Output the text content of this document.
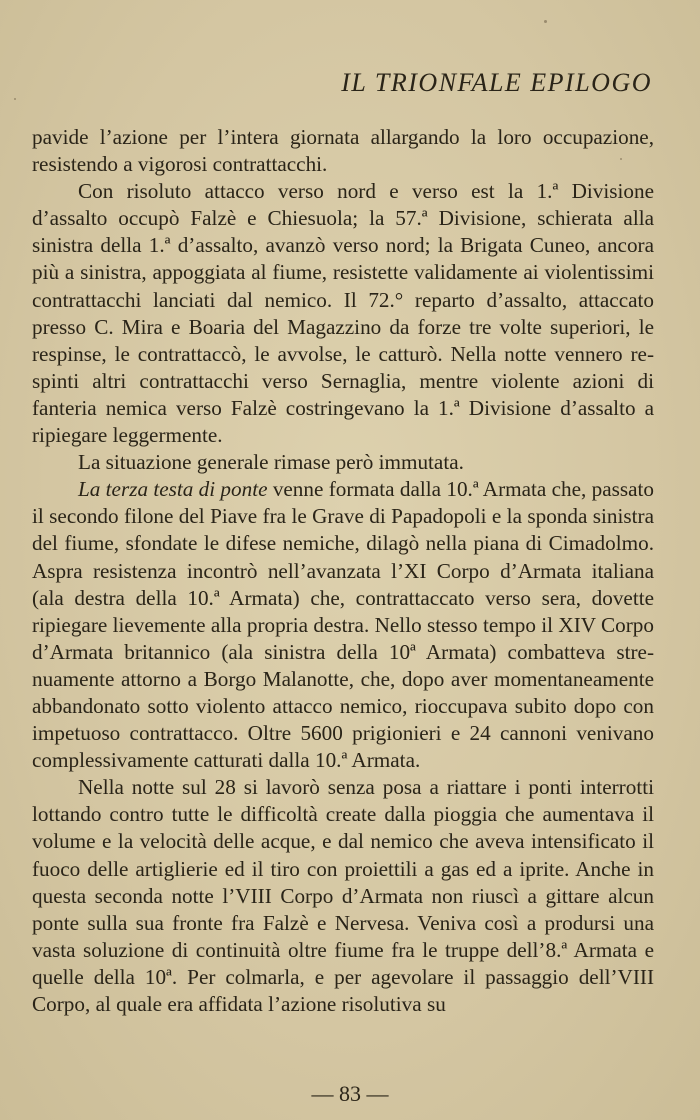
IL TRIONFALE EPILOGO

pavide l’azione per l’intera giornata allargando la loro occupazione, resistendo a vigorosi contrattacchi.

Con risoluto attacco verso nord e verso est la 1.ª Divisione d’assalto occupò Falzè e Chiesuola; la 57.ª Divisione, schierata alla sinistra della 1.ª d’assalto, avanzò verso nord; la Brigata Cuneo, ancora più a sinistra, appoggiata al fiume, resistette validamente ai violentissimi contrattacchi lanciati dal nemico. Il 72.° reparto d’assalto, attaccato presso C. Mira e Boaria del Magazzino da forze tre volte superiori, le respinse, le contrattaccò, le avvolse, le catturò. Nella notte vennero respinti altri contrattacchi verso Sernaglia, mentre violente azioni di fanteria nemica verso Falzè costringevano la 1.ª Divisione d’assalto a ripiegare leggermente.

La situazione generale rimase però immutata.

La terza testa di ponte venne formata dalla 10.ª Armata che, passato il secondo filone del Piave fra le Grave di Papadopoli e la sponda sinistra del fiume, sfondate le difese nemiche, dilagò nella piana di Cimadolmo. Aspra resistenza incontrò nell’avanzata l’XI Corpo d’Armata italiana (ala destra della 10.ª Armata) che, contrattaccato verso sera, dovette ripiegare lievemente alla propria destra. Nello stesso tempo il XIV Corpo d’Armata britannico (ala sinistra della 10ª Armata) combatteva strenuamente attorno a Borgo Malanotte, che, dopo aver momentaneamente abbandonato sotto violento attacco nemico, rioccupava subito dopo con impetuoso contrattacco. Oltre 5600 prigionieri e 24 cannoni venivano complessivamente catturati dalla 10.ª Armata.

Nella notte sul 28 si lavorò senza posa a riattare i ponti interrotti lottando contro tutte le difficoltà create dalla pioggia che aumentava il volume e la velocità delle acque, e dal nemico che aveva intensificato il fuoco delle artiglierie ed il tiro con proiettili a gas ed a iprite. Anche in questa seconda notte l’VIII Corpo d’Armata non riuscì a gittare alcun ponte sulla sua fronte fra Falzè e Nervesa. Veniva così a prodursi una vasta soluzione di continuità oltre fiume fra le truppe dell’8.ª Armata e quelle della 10ª. Per colmarla, e per agevolare il passaggio dell’VIII Corpo, al quale era affidata l’azione risolutiva su

— 83 —
